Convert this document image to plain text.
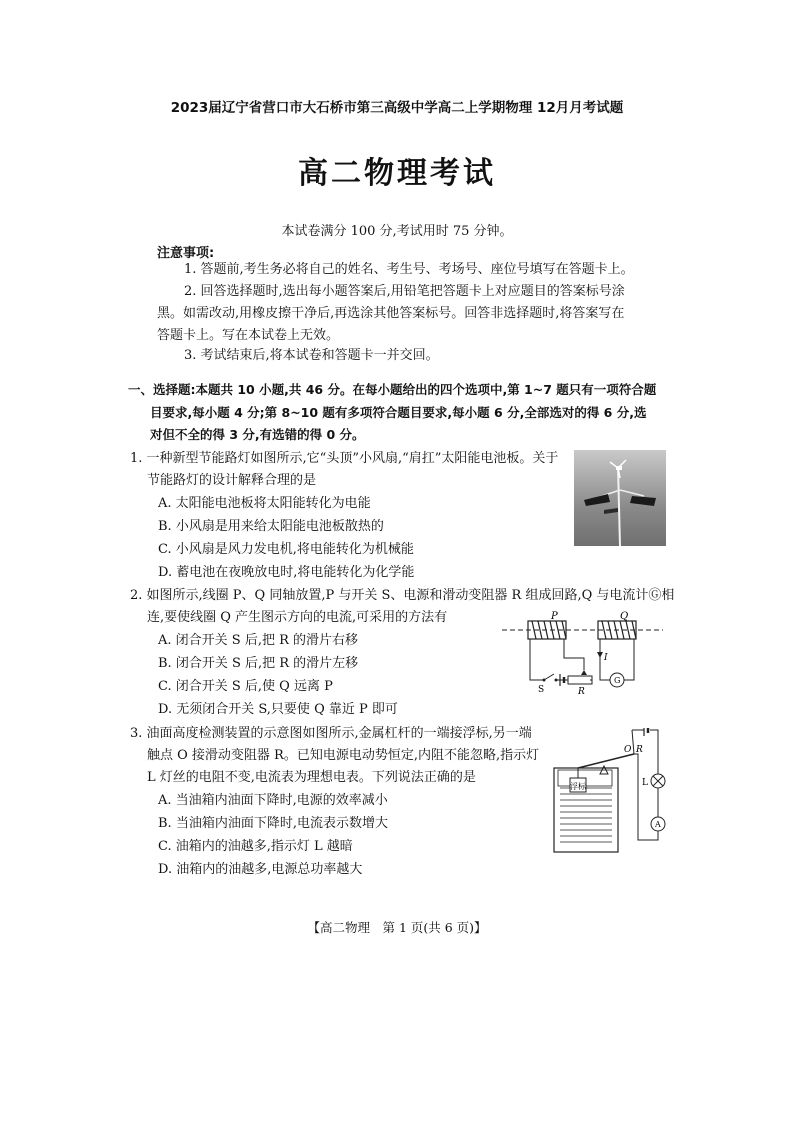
2023届辽宁省营口市大石桥市第三高级中学高二上学期物理 12月月考试题
高二物理考试
本试卷满分 100 分,考试用时 75 分钟。
注意事项:
1. 答题前,考生务必将自己的姓名、考生号、考场号、座位号填写在答题卡上。
2. 回答选择题时,选出每小题答案后,用铅笔把答题卡上对应题目的答案标号涂
黑。如需改动,用橡皮擦干净后,再选涂其他答案标号。回答非选择题时,将答案写在
答题卡上。写在本试卷上无效。
3. 考试结束后,将本试卷和答题卡一并交回。
一、选择题:本题共 10 小题,共 46 分。在每小题给出的四个选项中,第 1~7 题只有一项符合题
目要求,每小题 4 分;第 8~10 题有多项符合题目要求,每小题 6 分,全部选对的得 6 分,选
对但不全的得 3 分,有选错的得 0 分。
1. 一种新型节能路灯如图所示,它“头顶”小风扇,“肩扛”太阳能电池板。关于
节能路灯的设计解释合理的是
A. 太阳能电池板将太阳能转化为电能
B. 小风扇是用来给太阳能电池板散热的
C. 小风扇是风力发电机,将电能转化为机械能
D. 蓄电池在夜晚放电时,将电能转化为化学能
2. 如图所示,线圈 P、Q 同轴放置,P 与开关 S、电源和滑动变阻器 R 组成回路,Q 与电流计Ⓖ相
连,要使线圈 Q 产生图示方向的电流,可采用的方法有
A. 闭合开关 S 后,把 R 的滑片右移
B. 闭合开关 S 后,把 R 的滑片左移
C. 闭合开关 S 后,使 Q 远离 P
D. 无须闭合开关 S,只要使 Q 靠近 P 即可
P	Q
S	R
I
G
3. 油面高度检测装置的示意图如图所示,金属杠杆的一端接浮标,另一端
触点 O 接滑动变阻器 R。已知电源电动势恒定,内阻不能忽略,指示灯
L 灯丝的电阻不变,电流表为理想电表。下列说法正确的是
A. 当油箱内油面下降时,电源的效率减小
B. 当油箱内油面下降时,电流表示数增大
C. 油箱内的油越多,指示灯 L 越暗
D. 油箱内的油越多,电源总功率越大
浮标
O R
L
A
【高二物理　第 1 页(共 6 页)】
